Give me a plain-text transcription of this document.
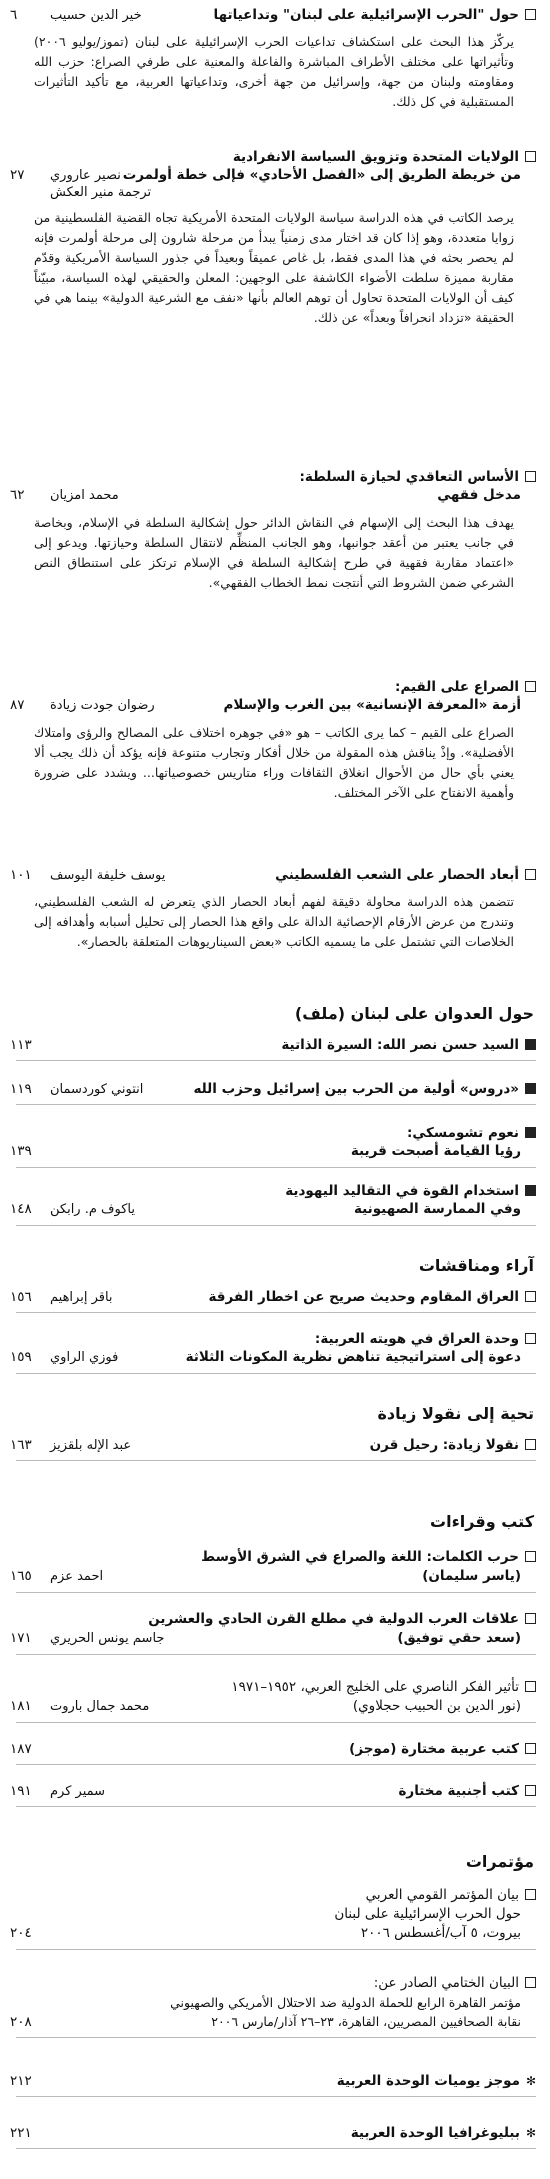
حول "الحرب الإسرائيلية على لبنان" وتداعياتها
خير الدين حسيب
٦
يركّز هذا البحث على استكشاف تداعيات الحرب الإسرائيلية على لبنان (تموز/يوليو ٢٠٠٦) وتأثيراتها على مختلف الأطراف المباشرة والفاعلة والمعنية على طرفي الصراع: حزب الله ومقاومته ولبنان من جهة، وإسرائيل من جهة أخرى، وتداعياتها العربية، مع تأكيد التأثيرات المستقبلية في كل ذلك.
الولايات المتحدة وتزويق السياسة الانفرادية
من خريطة الطريق إلى «الفصل الأحادي» فإلى خطة أولمرت
نصير عاروري
٢٧
ترجمة منير العكش
يرصد الكاتب في هذه الدراسة سياسة الولايات المتحدة الأمريكية تجاه القضية الفلسطينية من زوايا متعددة، وهو إذا كان قد اختار مدى زمنياً يبدأ من مرحلة شارون إلى مرحلة أولمرت فإنه لم يحصر بحثه في هذا المدى فقط، بل غاص عميقاً وبعيداً في جذور السياسة الأمريكية وقدّم مقاربة مميزة سلطت الأضواء الكاشفة على الوجهين: المعلن والحقيقي لهذه السياسة، مبيّناً كيف أن الولايات المتحدة تحاول أن توهم العالم بأنها «نفف مع الشرعية الدولية» بينما هي في الحقيقة «تزداد انحرافاً وبعداً» عن ذلك.
الأساس التعاقدي لحيازة السلطة:
مدخل فقهي
محمد امزيان
٦٢
يهدف هذا البحث إلى الإسهام في النقاش الدائر حول إشكالية السلطة في الإسلام، وبخاصة في جانب يعتبر من أعقد جوانبها، وهو الجانب المنظِّم لانتقال السلطة وحيازتها. ويدعو إلى «اعتماد مقاربة فقهية في طرح إشكالية السلطة في الإسلام ترتكز على استنطاق النص الشرعي ضمن الشروط التي أنتجت نمط الخطاب الفقهي».
الصراع على القيم:
أزمة «المعرفة الإنسانية» بين الغرب والإسلام
رضوان جودت زيادة
٨٧
الصراع على القيم – كما يرى الكاتب – هو «في جوهره اختلاف على المصالح والرؤى وامتلاك الأفضلية». وإذْ يناقش هذه المقولة من خلال أفكار وتجارب متنوعة فإنه يؤكد أن ذلك يجب ألا يعني بأي حال من الأحوال انغلاق الثقافات وراء متاريس خصوصياتها... ويشدد على ضرورة وأهمية الانفتاح على الآخر المختلف.
أبعاد الحصار على الشعب الفلسطيني
يوسف خليفة اليوسف
١٠١
تتضمن هذه الدراسة محاولة دقيقة لفهم أبعاد الحصار الذي يتعرض له الشعب الفلسطيني، وتندرج من عرض الأرقام الإحصائية الدالة على واقع هذا الحصار إلى تحليل أسبابه وأهدافه إلى الخلاصات التي تشتمل على ما يسميه الكاتب «بعض السيناريوهات المتعلقة بالحصار».
حول العدوان على لبنان (ملف)
السيد حسن نصر الله: السيرة الذاتية
١١٣
«دروس» أولية من الحرب بين إسرائيل وحزب الله
انتوني كوردسمان
١١٩
نعوم تشومسكي:
رؤيا القيامة أصبحت قريبة
١٣٩
استخدام القوة في التقاليد اليهودية
وفي الممارسة الصهيونية
ياكوف م. رابكن
١٤٨
آراء ومناقشات
العراق المقاوم وحديث صريح عن اخطار الفرقة
باقر إبراهيم
١٥٦
وحدة العراق في هويته العربية:
دعوة إلى استراتيجية تناهض نظرية المكونات الثلاثة
فوزي الراوي
١٥٩
تحية إلى نقولا زيادة
نقولا زيادة: رحيل قرن
عبد الإله بلقزيز
١٦٣
كتب وقراءات
حرب الكلمات: اللغة والصراع في الشرق الأوسط
(ياسر سليمان)
احمد عزم
١٦٥
علاقات العرب الدولية في مطلع القرن الحادي والعشرين
(سعد حقي توفيق)
جاسم يونس الحريري
١٧١
تأثير الفكر الناصري على الخليج العربي، ١٩٥٢–١٩٧١
(نور الدين بن الحبيب حجلاوي)
محمد جمال باروت
١٨١
كتب عربية مختارة (موجز)
١٨٧
كتب أجنبية مختارة
سمير كرم
١٩١
مؤتمرات
بيان المؤتمر القومي العربي
حول الحرب الإسرائيلية على لبنان
بيروت، ٥ آب/أغسطس ٢٠٠٦
٢٠٤
البيان الختامي الصادر عن:
مؤتمر القاهرة الرابع للحملة الدولية ضد الاحتلال الأمريكي والصهيوني
نقابة الصحافيين المصريين، القاهرة، ٢٣–٢٦ آذار/مارس ٢٠٠٦
٢٠٨
✻
موجز يوميات الوحدة العربية
٢١٢
✻
ببليوغرافيا الوحدة العربية
٢٢١
